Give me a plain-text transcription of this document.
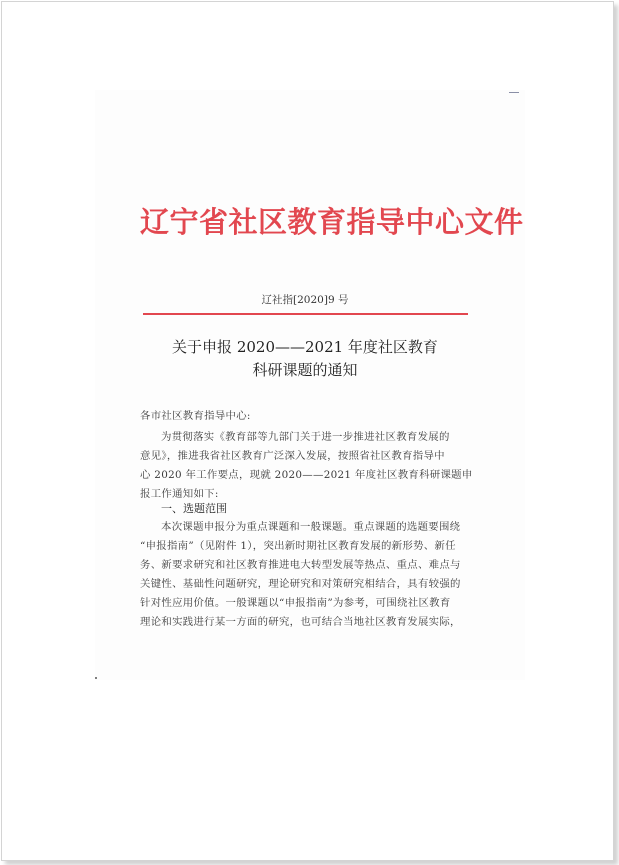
辽宁省社区教育指导中心文件
辽社指[2020]9 号
关于申报 2020——2021 年度社区教育
科研课题的通知
各市社区教育指导中心:
为贯彻落实《教育部等九部门关于进一步推进社区教育发展的
意见》，推进我省社区教育广泛深入发展，按照省社区教育指导中
心 2020 年工作要点，现就 2020——2021 年度社区教育科研课题申
报工作通知如下:
一、选题范围
本次课题申报分为重点课题和一般课题。重点课题的选题要围绕
“申报指南”（见附件 1），突出新时期社区教育发展的新形势、新任
务、新要求研究和社区教育推进电大转型发展等热点、重点、难点与
关键性、基础性问题研究，理论研究和对策研究相结合，具有较强的
针对性应用价值。一般课题以“申报指南”为参考，可围绕社区教育
理论和实践进行某一方面的研究，也可结合当地社区教育发展实际，
